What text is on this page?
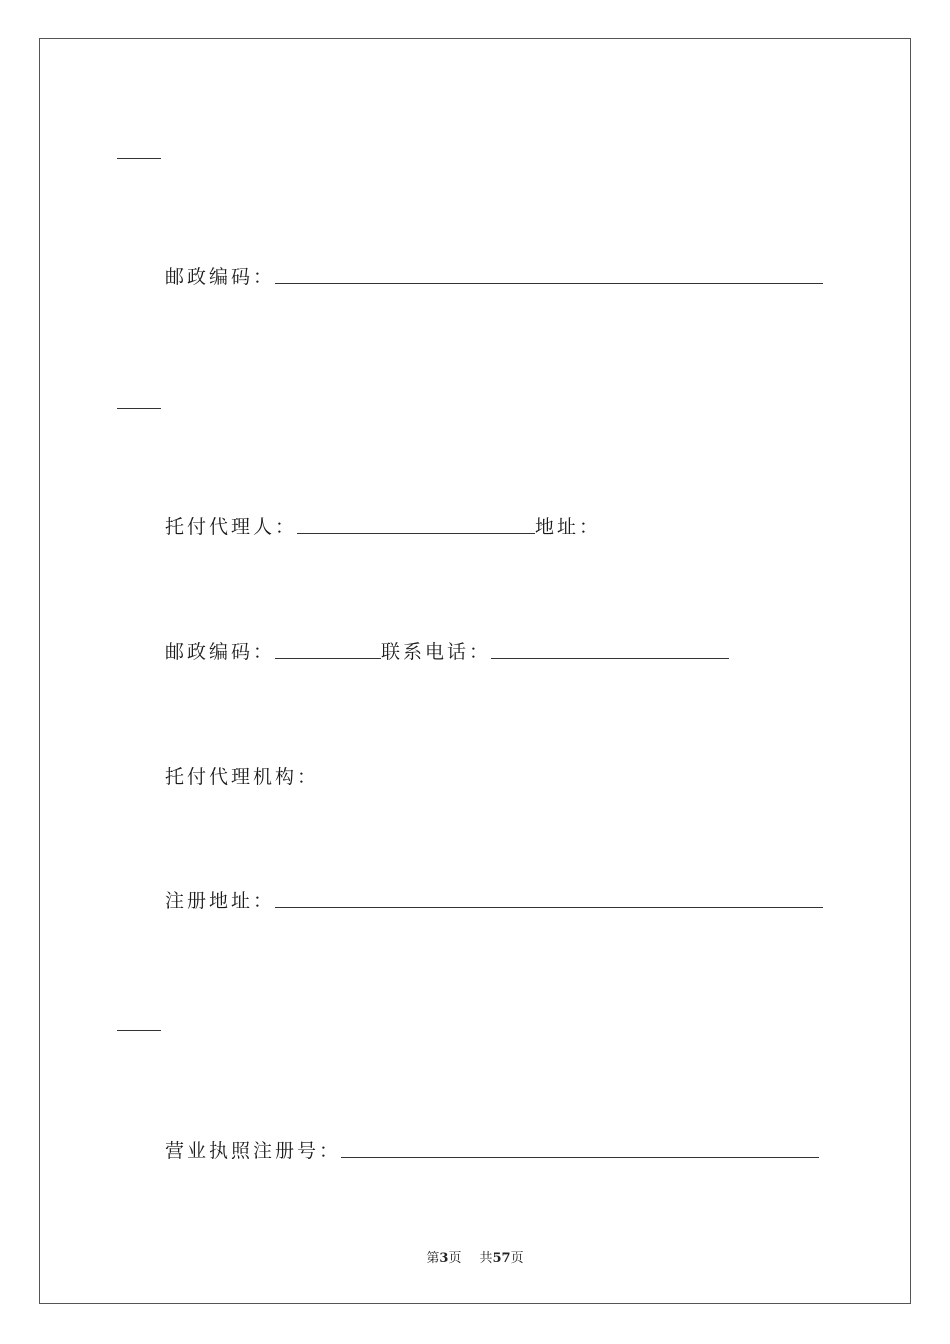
邮政编码：
托付代理人：	地址：
邮政编码：	联系电话：
托付代理机构：
注册地址：
营业执照注册号：
第3页 共57页
